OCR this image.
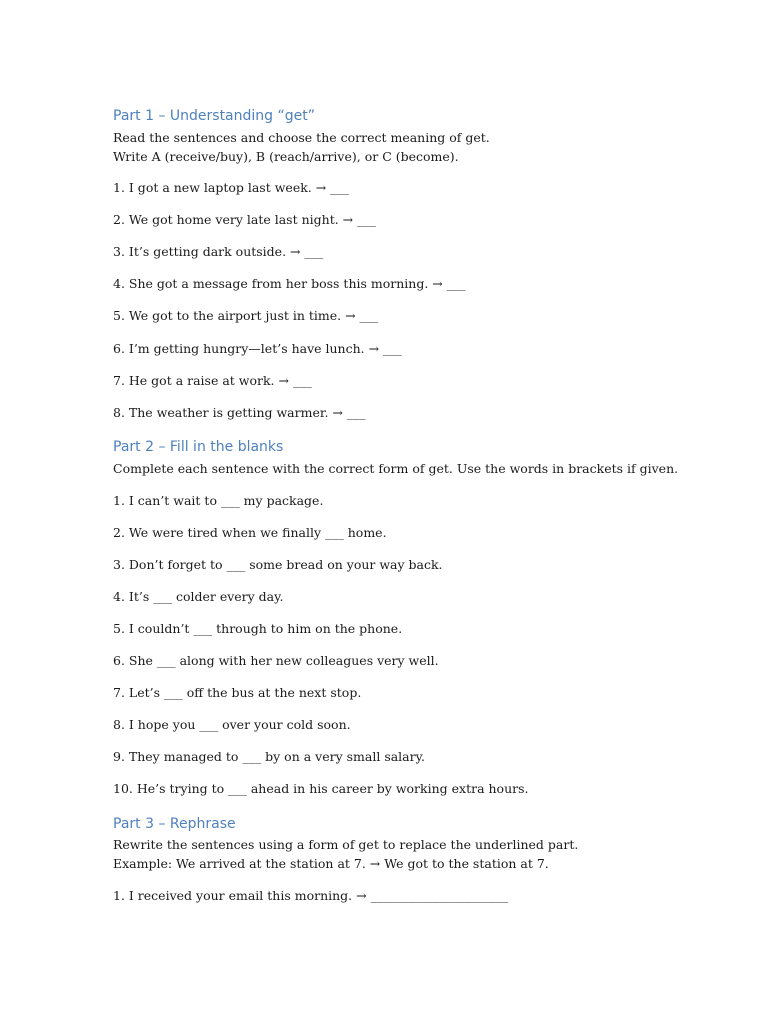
Part 1 – Understanding “get”
Read the sentences and choose the correct meaning of get.
Write A (receive/buy), B (reach/arrive), or C (become).
1. I got a new laptop last week. → ___
2. We got home very late last night. → ___
3. It’s getting dark outside. → ___
4. She got a message from her boss this morning. → ___
5. We got to the airport just in time. → ___
6. I’m getting hungry—let’s have lunch. → ___
7. He got a raise at work. → ___
8. The weather is getting warmer. → ___
Part 2 – Fill in the blanks
Complete each sentence with the correct form of get. Use the words in brackets if given.
1. I can’t wait to ___ my package.
2. We were tired when we finally ___ home.
3. Don’t forget to ___ some bread on your way back.
4. It’s ___ colder every day.
5. I couldn’t ___ through to him on the phone.
6. She ___ along with her new colleagues very well.
7. Let’s ___ off the bus at the next stop.
8. I hope you ___ over your cold soon.
9. They managed to ___ by on a very small salary.
10. He’s trying to ___ ahead in his career by working extra hours.
Part 3 – Rephrase
Rewrite the sentences using a form of get to replace the underlined part.
Example: We arrived at the station at 7. → We got to the station at 7.
1. I received your email this morning. → ______________________
